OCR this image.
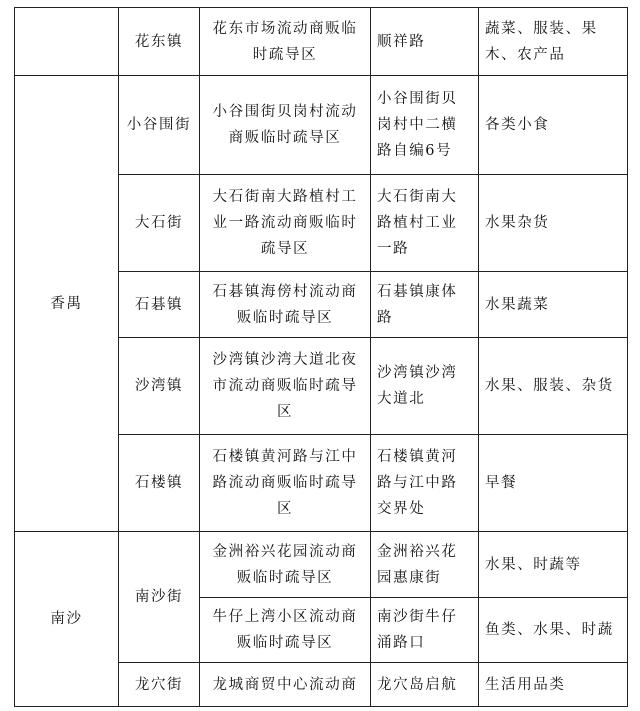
	花东镇	花东市场流动商贩临时疏导区	顺祥路	蔬菜、服装、果木、农产品
香禺	小谷围街	小谷围街贝岗村流动商贩临时疏导区	小谷围街贝岗村中二横路自编6号	各类小食
	大石街	大石街南大路植村工业一路流动商贩临时疏导区	大石街南大路植村工业一路	水果杂货
	石碁镇	石碁镇海傍村流动商贩临时疏导区	石碁镇康体路	水果蔬菜
	沙湾镇	沙湾镇沙湾大道北夜市流动商贩临时疏导区	沙湾镇沙湾大道北	水果、服装、杂货
	石楼镇	石楼镇黄河路与江中路流动商贩临时疏导区	石楼镇黄河路与江中路交界处	早餐
南沙	南沙街	金洲裕兴花园流动商贩临时疏导区	金洲裕兴花园惠康街	水果、时蔬等
		牛仔上湾小区流动商贩临时疏导区	南沙街牛仔涌路口	鱼类、水果、时蔬
	龙穴街	龙城商贸中心流动商	龙穴岛启航	生活用品类
